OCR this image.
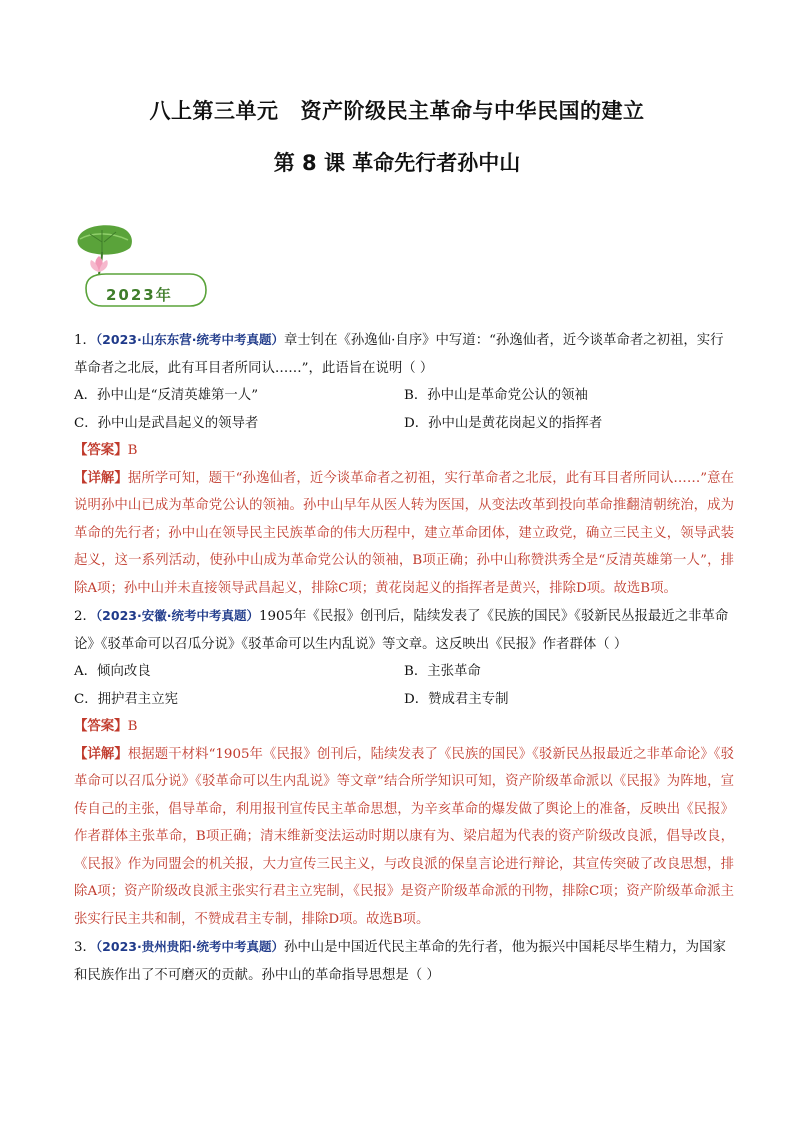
八上第三单元 资产阶级民主革命与中华民国的建立
第 8 课 革命先行者孙中山
2023年

1．（2023·山东东营·统考中考真题）章士钊在《孙逸仙·自序》中写道：“孙逸仙者，近今谈革命者之初祖，实行革命者之北辰，此有耳目者所同认……”，此语旨在说明（ ）

A．孙中山是“反清英雄第一人”	B．孙中山是革命党公认的领袖
C．孙中山是武昌起义的领导者	D．孙中山是黄花岗起义的指挥者

【答案】B

【详解】据所学可知，题干“孙逸仙者，近今谈革命者之初祖，实行革命者之北辰，此有耳目者所同认……”意在说明孙中山已成为革命党公认的领袖。孙中山早年从医人转为医国，从变法改革到投向革命推翻清朝统治，成为革命的先行者；孙中山在领导民主民族革命的伟大历程中，建立革命团体，建立政党，确立三民主义，领导武装起义，这一系列活动，使孙中山成为革命党公认的领袖，B项正确；孙中山称赞洪秀全是“反清英雄第一人”，排除A项；孙中山并未直接领导武昌起义，排除C项；黄花岗起义的指挥者是黄兴，排除D项。故选B项。

2．（2023·安徽·统考中考真题）1905年《民报》创刊后，陆续发表了《民族的国民》《驳新民丛报最近之非革命论》《驳革命可以召瓜分说》《驳革命可以生内乱说》等文章。这反映出《民报》作者群体（ ）

A．倾向改良	B．主张革命
C．拥护君主立宪	D．赞成君主专制

【答案】B

【详解】根据题干材料“1905年《民报》创刊后，陆续发表了《民族的国民》《驳新民丛报最近之非革命论》《驳革命可以召瓜分说》《驳革命可以生内乱说》等文章”结合所学知识可知，资产阶级革命派以《民报》为阵地，宣传自己的主张，倡导革命，利用报刊宣传民主革命思想，为辛亥革命的爆发做了舆论上的准备，反映出《民报》作者群体主张革命，B项正确；清末维新变法运动时期以康有为、梁启超为代表的资产阶级改良派，倡导改良，《民报》作为同盟会的机关报，大力宣传三民主义，与改良派的保皇言论进行辩论，其宣传突破了改良思想，排除A项；资产阶级改良派主张实行君主立宪制，《民报》是资产阶级革命派的刊物，排除C项；资产阶级革命派主张实行民主共和制，不赞成君主专制，排除D项。故选B项。

3．（2023·贵州贵阳·统考中考真题）孙中山是中国近代民主革命的先行者，他为振兴中国耗尽毕生精力，为国家和民族作出了不可磨灭的贡献。孙中山的革命指导思想是（ ）
